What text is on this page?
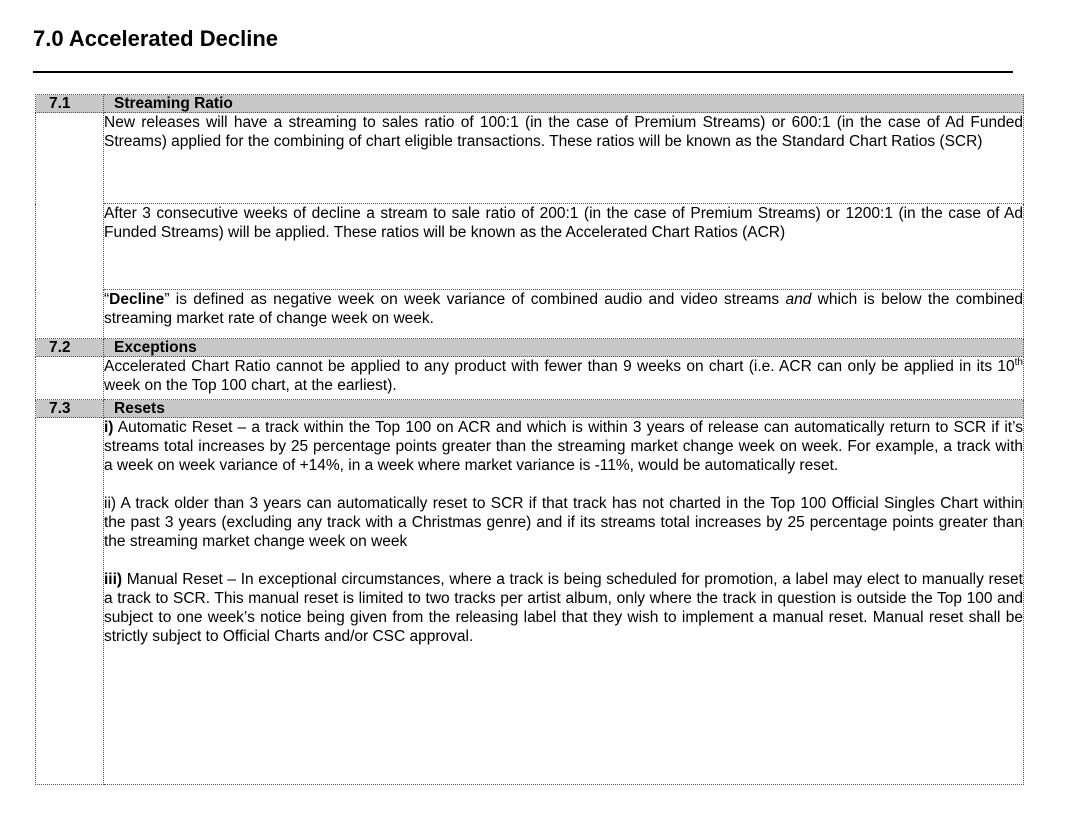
7.0 Accelerated Decline
7.1	Streaming Ratio
	New releases will have a streaming to sales ratio of 100:1 (in the case of Premium Streams) or 600:1 (in the case of Ad Funded Streams) applied for the combining of chart eligible transactions. These ratios will be known as the Standard Chart Ratios (SCR)
	After 3 consecutive weeks of decline a stream to sale ratio of 200:1 (in the case of Premium Streams) or 1200:1 (in the case of Ad Funded Streams) will be applied. These ratios will be known as the Accelerated Chart Ratios (ACR)
	“Decline” is defined as negative week on week variance of combined audio and video streams and which is below the combined streaming market rate of change week on week.
7.2	Exceptions
	Accelerated Chart Ratio cannot be applied to any product with fewer than 9 weeks on chart (i.e. ACR can only be applied in its 10th week on the Top 100 chart, at the earliest).
7.3	Resets

	i) Automatic Reset – a track within the Top 100 on ACR and which is within 3 years of release can automatically return to SCR if it’s streams total increases by 25 percentage points greater than the streaming market change week on week. For example, a track with a week on week variance of +14%, in a week where market variance is -11%, would be automatically reset.
ii) A track older than 3 years can automatically reset to SCR if that track has not charted in the Top 100 Official Singles Chart within the past 3 years (excluding any track with a Christmas genre) and if its streams total increases by 25 percentage points greater than the streaming market change week on week
iii) Manual Reset – In exceptional circumstances, where a track is being scheduled for promotion, a label may elect to manually reset a track to SCR. This manual reset is limited to two tracks per artist album, only where the track in question is outside the Top 100 and subject to one week’s notice being given from the releasing label that they wish to implement a manual reset. Manual reset shall be strictly subject to Official Charts and/or CSC approval.
